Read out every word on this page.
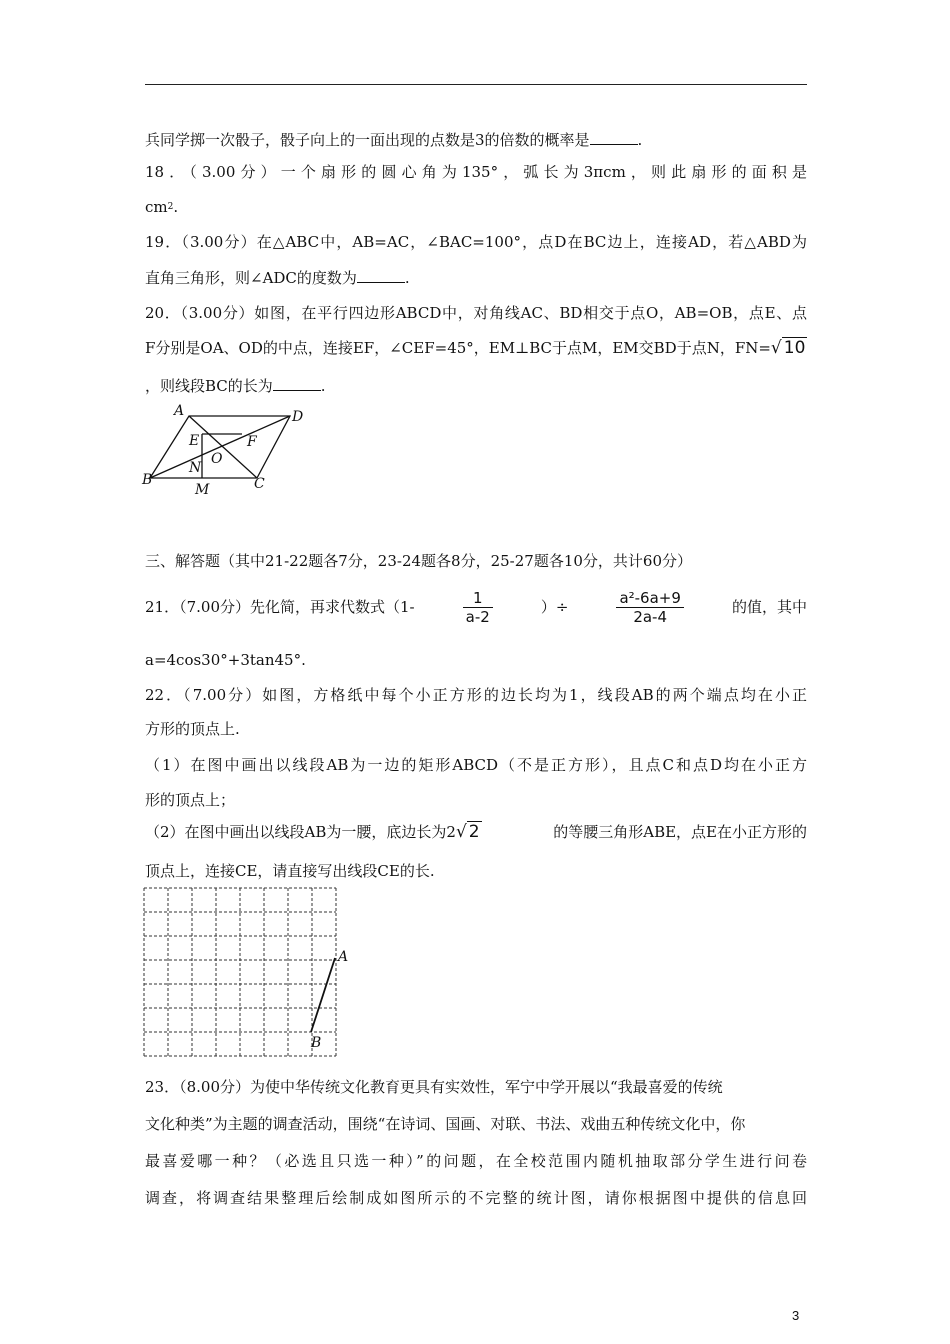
兵同学掷一次骰子，骰子向上的一面出现的点数是3的倍数的概率是	.
18．（3.00分）一个扇形的圆心角为135°，弧长为3πcm，则此扇形的面积是
$cm^2$.
19．（3.00分）在△ABC中，AB=AC，∠BAC=100°，点D在BC边上，连接AD，若△ABD为
直角三角形，则∠ADC的度数为	.
20．（3.00分）如图，在平行四边形ABCD中，对角线AC、BD相交于点O，AB=OB，点E、点
F分别是OA、OD的中点，连接EF，∠CEF=45°，EM⊥BC于点M，EM交BD于点N，FN=√ 10
，则线段BC的长为	.
A	D
E	F
O
N
B
M	C
三、解答题（其中21-22题各7分，23-24题各8分，25-27题各10分，共计60分）
21．（7.00分）先化简，再求代数式（1-	$\frac{1}{a-2}$	）÷	$\frac{\text{a²-6a+9}}{2a-4}$	的值，其中
a=4cos30°+3tan45°.
22．（7.00分）如图，方格纸中每个小正方形的边长均为1，线段AB的两个端点均在小正
方形的顶点上.
（1）在图中画出以线段AB为一边的矩形ABCD（不是正方形），且点C和点D均在小正方
形的顶点上；
（2）在图中画出以线段AB为一腰，底边长为2√ 2	的等腰三角形ABE，点E在小正方形的
顶点上，连接CE，请直接写出线段CE的长.
A
B
23．（8.00分）为使中华传统文化教育更具有实效性，军宁中学开展以“我最喜爱的传统
文化种类”为主题的调查活动，围绕“在诗词、国画、对联、书法、戏曲五种传统文化中，你
最喜爱哪一种？（必选且只选一种）”的问题，在全校范围内随机抽取部分学生进行问卷
调查，将调查结果整理后绘制成如图所示的不完整的统计图，请你根据图中提供的信息回
3
